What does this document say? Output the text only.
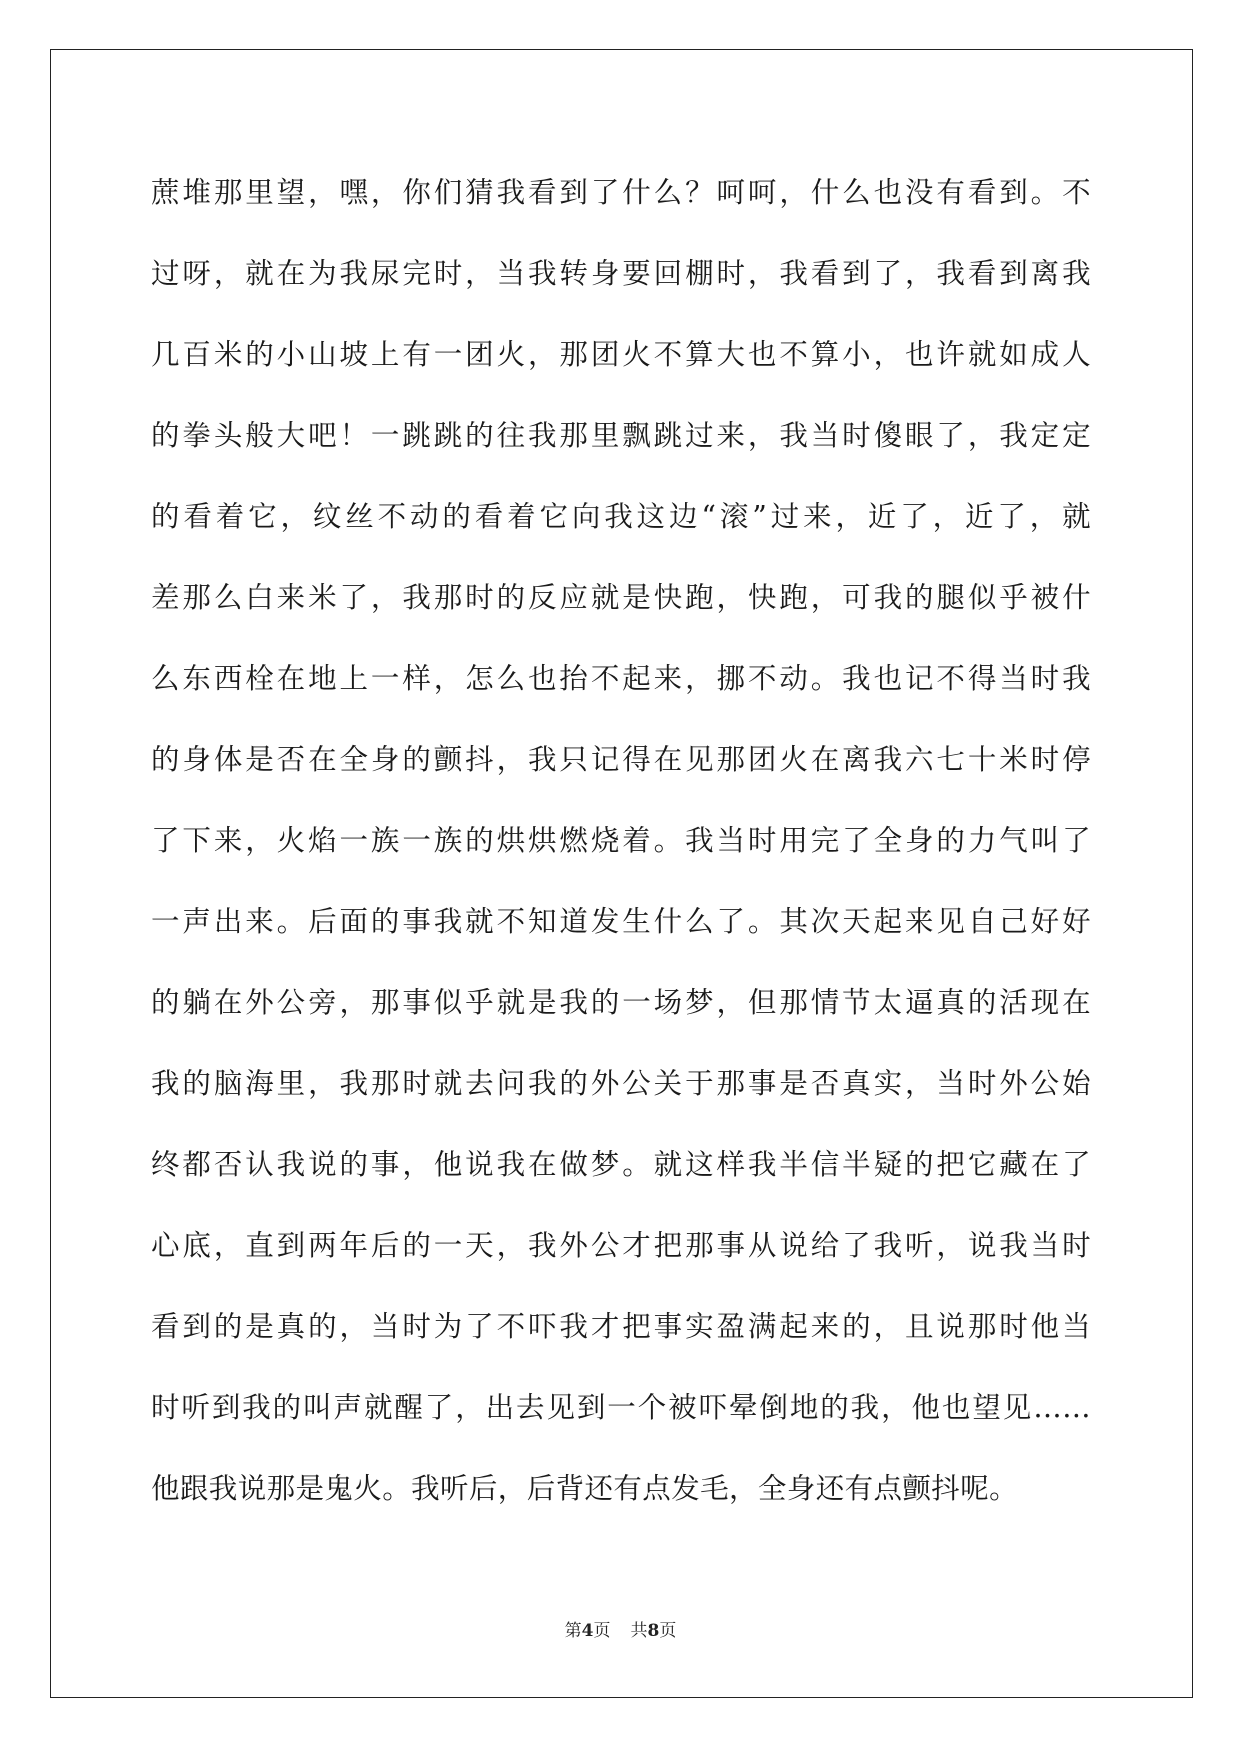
蔗堆那里望，嘿，你们猜我看到了什么？呵呵，什么也没有看到。不
过呀，就在为我尿完时，当我转身要回棚时，我看到了，我看到离我
几百米的小山坡上有一团火，那团火不算大也不算小，也许就如成人
的拳头般大吧！一跳跳的往我那里飘跳过来，我当时傻眼了，我定定
的看着它，纹丝不动的看着它向我这边“滚”过来，近了，近了，就
差那么白来米了，我那时的反应就是快跑，快跑，可我的腿似乎被什
么东西栓在地上一样，怎么也抬不起来，挪不动。我也记不得当时我
的身体是否在全身的颤抖，我只记得在见那团火在离我六七十米时停
了下来，火焰一族一族的烘烘燃烧着。我当时用完了全身的力气叫了
一声出来。后面的事我就不知道发生什么了。其次天起来见自己好好
的躺在外公旁，那事似乎就是我的一场梦，但那情节太逼真的活现在
我的脑海里，我那时就去问我的外公关于那事是否真实，当时外公始
终都否认我说的事，他说我在做梦。就这样我半信半疑的把它藏在了
心底，直到两年后的一天，我外公才把那事从说给了我听，说我当时
看到的是真的，当时为了不吓我才把事实盈满起来的，且说那时他当
时听到我的叫声就醒了，出去见到一个被吓晕倒地的我，他也望见……
他跟我说那是鬼火。我听后，后背还有点发毛，全身还有点颤抖呢。
第4页 共8页
